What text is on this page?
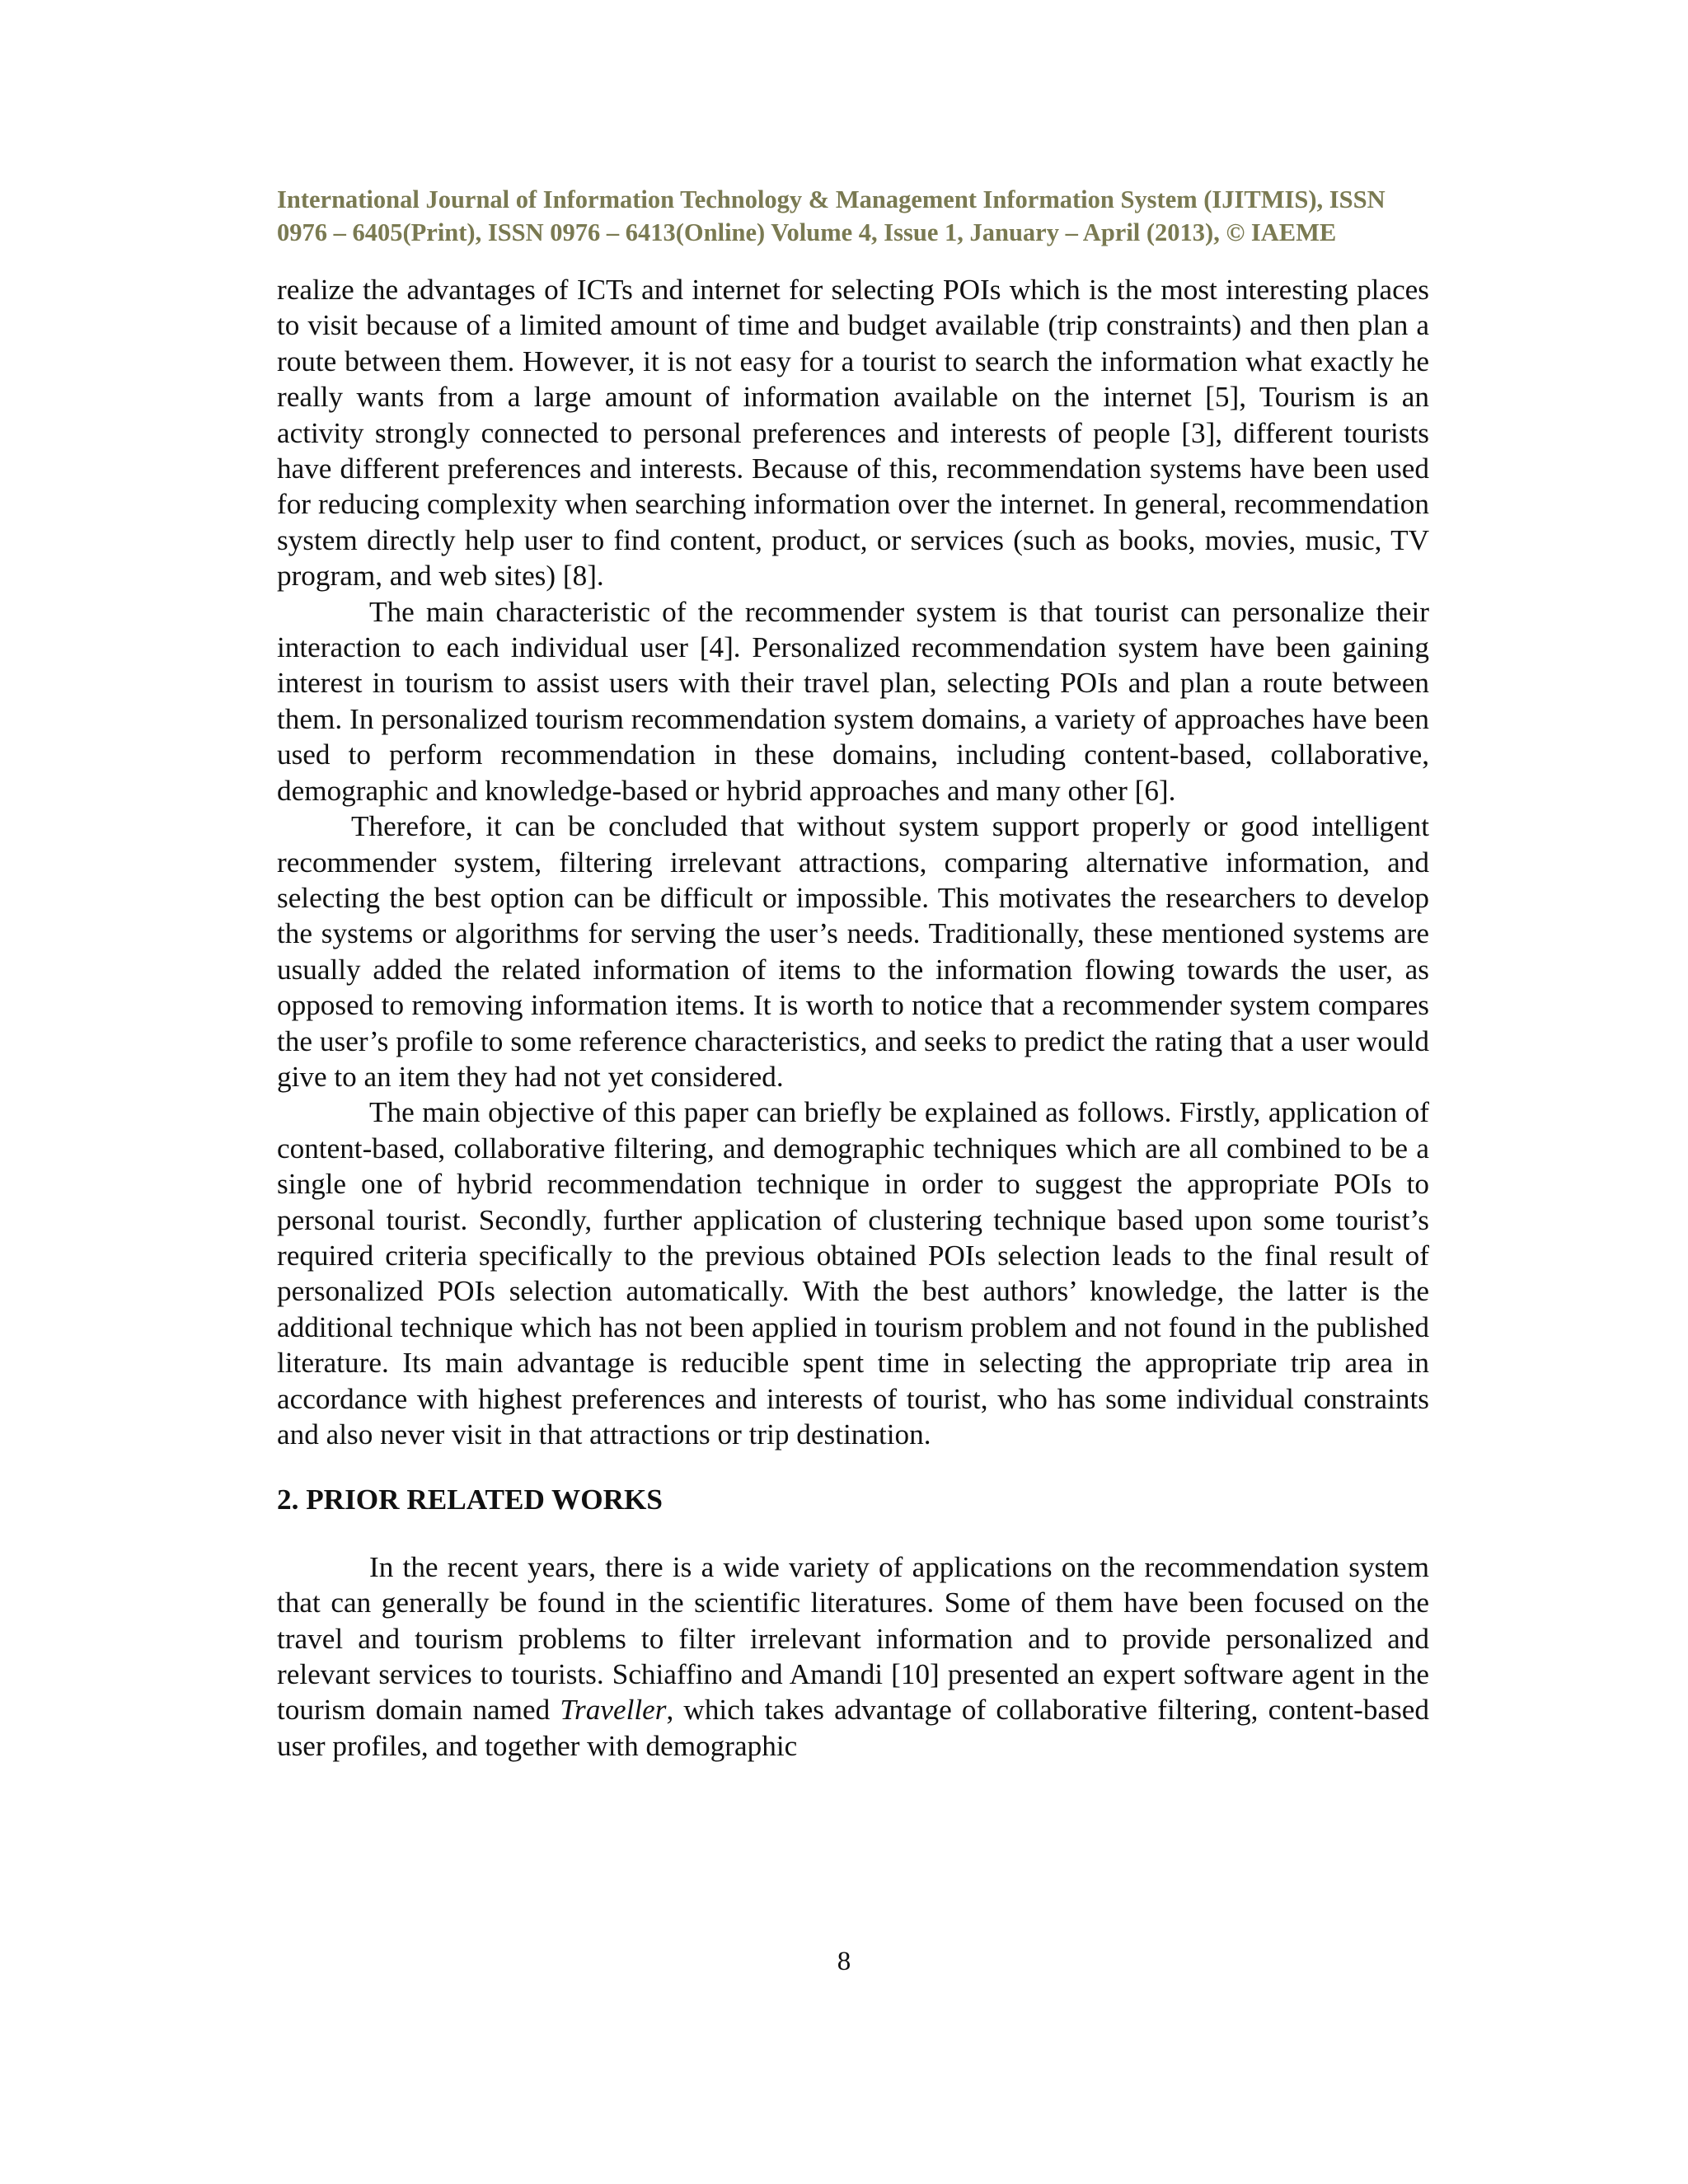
International Journal of Information Technology & Management Information System (IJITMIS), ISSN
0976 – 6405(Print), ISSN 0976 – 6413(Online) Volume 4, Issue 1, January – April (2013), © IAEME

realize the advantages of ICTs and internet for selecting POIs which is the most interesting places to visit because of a limited amount of time and budget available (trip constraints) and then plan a route between them. However, it is not easy for a tourist to search the information what exactly he really wants from a large amount of information available on the internet [5], Tourism is an activity strongly connected to personal preferences and interests of people [3], different tourists have different preferences and interests. Because of this, recommendation systems have been used for reducing complexity when searching information over the internet. In general, recommendation system directly help user to find content, product, or services (such as books, movies, music, TV program, and web sites) [8].

The main characteristic of the recommender system is that tourist can personalize their interaction to each individual user [4]. Personalized recommendation system have been gaining interest in tourism to assist users with their travel plan, selecting POIs and plan a route between them. In personalized tourism recommendation system domains, a variety of approaches have been used to perform recommendation in these domains, including content-based, collaborative, demographic and knowledge-based or hybrid approaches and many other [6].

Therefore, it can be concluded that without system support properly or good intelligent recommender system, filtering irrelevant attractions, comparing alternative information, and selecting the best option can be difficult or impossible. This motivates the researchers to develop the systems or algorithms for serving the user’s needs. Traditionally, these mentioned systems are usually added the related information of items to the information flowing towards the user, as opposed to removing information items. It is worth to notice that a recommender system compares the user’s profile to some reference characteristics, and seeks to predict the rating that a user would give to an item they had not yet considered.

The main objective of this paper can briefly be explained as follows. Firstly, application of content-based, collaborative filtering, and demographic techniques which are all combined to be a single one of hybrid recommendation technique in order to suggest the appropriate POIs to personal tourist. Secondly, further application of clustering technique based upon some tourist’s required criteria specifically to the previous obtained POIs selection leads to the final result of personalized POIs selection automatically. With the best authors’ knowledge, the latter is the additional technique which has not been applied in tourism problem and not found in the published literature. Its main advantage is reducible spent time in selecting the appropriate trip area in accordance with highest preferences and interests of tourist, who has some individual constraints and also never visit in that attractions or trip destination.

2. PRIOR RELATED WORKS

In the recent years, there is a wide variety of applications on the recommendation system that can generally be found in the scientific literatures. Some of them have been focused on the travel and tourism problems to filter irrelevant information and to provide personalized and relevant services to tourists. Schiaffino and Amandi [10] presented an expert software agent in the tourism domain named Traveller, which takes advantage of collaborative filtering, content-based user profiles, and together with demographic

8
